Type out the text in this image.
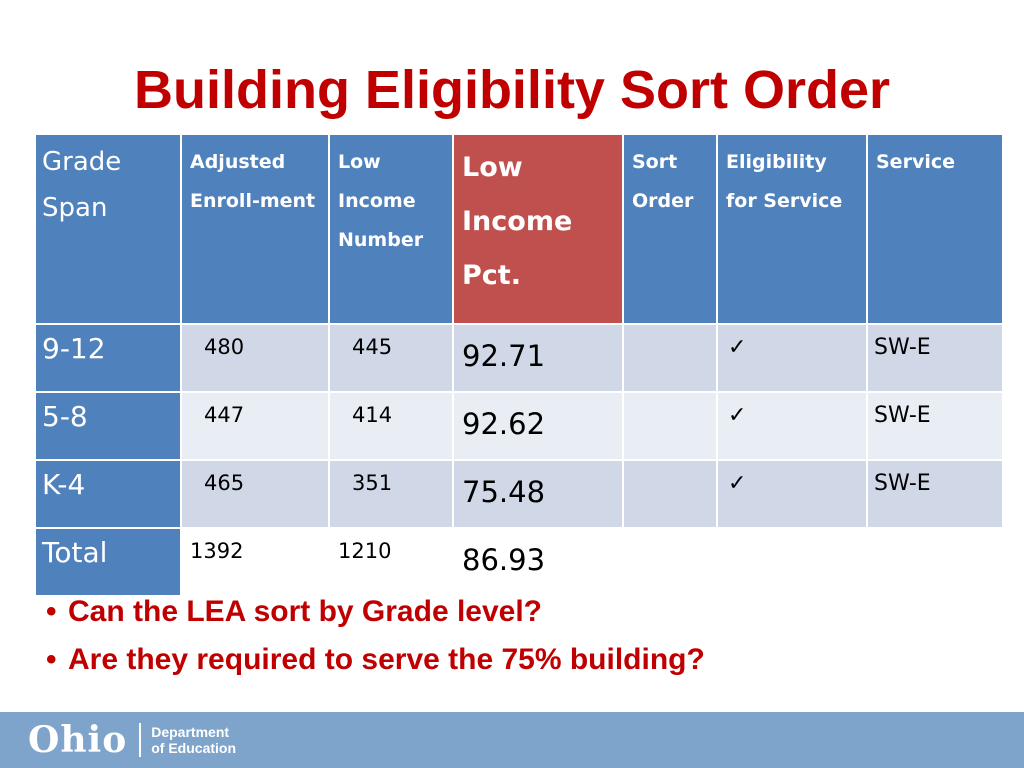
Building Eligibility Sort Order
Grade Span	Adjusted Enroll-ment	Low Income Number	Low Income Pct.	Sort Order	Eligibility for Service	Service

9-12	480	445	92.71		✓	SW-E

5-8	447	414	92.62		✓	SW-E

K-4	465	351	75.48		✓	SW-E

Total	1392	1210	86.93			

• Can the LEA sort by Grade level?
• Are they required to serve the 75% building?
Ohio Department
of Education
